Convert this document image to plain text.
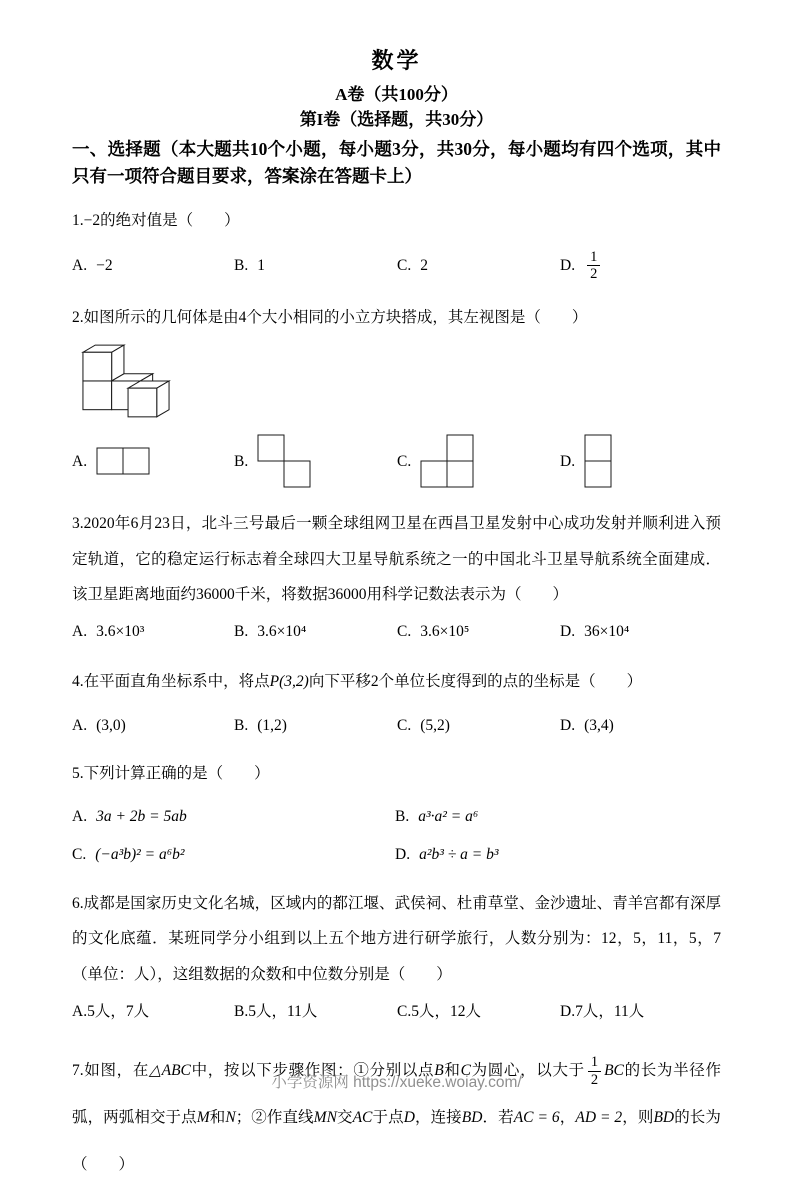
数学
A卷（共100分）
第I卷（选择题，共30分）
一、选择题（本大题共10个小题，每小题3分，共30分，每小题均有四个选项，其中只有一项符合题目要求，答案涂在答题卡上）
1.−2的绝对值是（　　）
A. −2	B. 1	C. 2	D. $\frac{1}{2}$
2.如图所示的几何体是由4个大小相同的小立方块搭成，其左视图是（　　）
A.	B.	C.	D.
3.2020年6月23日，北斗三号最后一颗全球组网卫星在西昌卫星发射中心成功发射并顺利进入预定轨道，它的稳定运行标志着全球四大卫星导航系统之一的中国北斗卫星导航系统全面建成．该卫星距离地面约36000千米，将数据36000用科学记数法表示为（　　）
A. 3.6×10³	B. 3.6×10⁴	C. 3.6×10⁵	D. 36×10⁴
4.在平面直角坐标系中，将点P(3,2)向下平移2个单位长度得到的点的坐标是（　　）
A. (3,0)	B. (1,2)	C. (5,2)	D. (3,4)
5.下列计算正确的是（　　）
A. 3a + 2b = 5ab	B. a³·a² = a⁶
C. (−a³b)² = a⁶b²	D. a²b³ ÷ a = b³
6.成都是国家历史文化名城，区域内的都江堰、武侯祠、杜甫草堂、金沙遗址、青羊宫都有深厚的文化底蕴．某班同学分小组到以上五个地方进行研学旅行，人数分别为：12，5，11，5，7（单位：人），这组数据的众数和中位数分别是（　　）
A.5人，7人	B.5人，11人	C.5人，12人	D.7人，11人
7.如图，在△ABC中，按以下步骤作图：①分别以点B和C为圆心，以大于 $\frac{1}{2}$ BC的长为半径作弧，两弧相交于点M和N；②作直线MN交AC于点D，连接BD．若AC = 6，AD = 2，则BD的长为（　　）
小学资源网 https://xueke.woiay.com/
